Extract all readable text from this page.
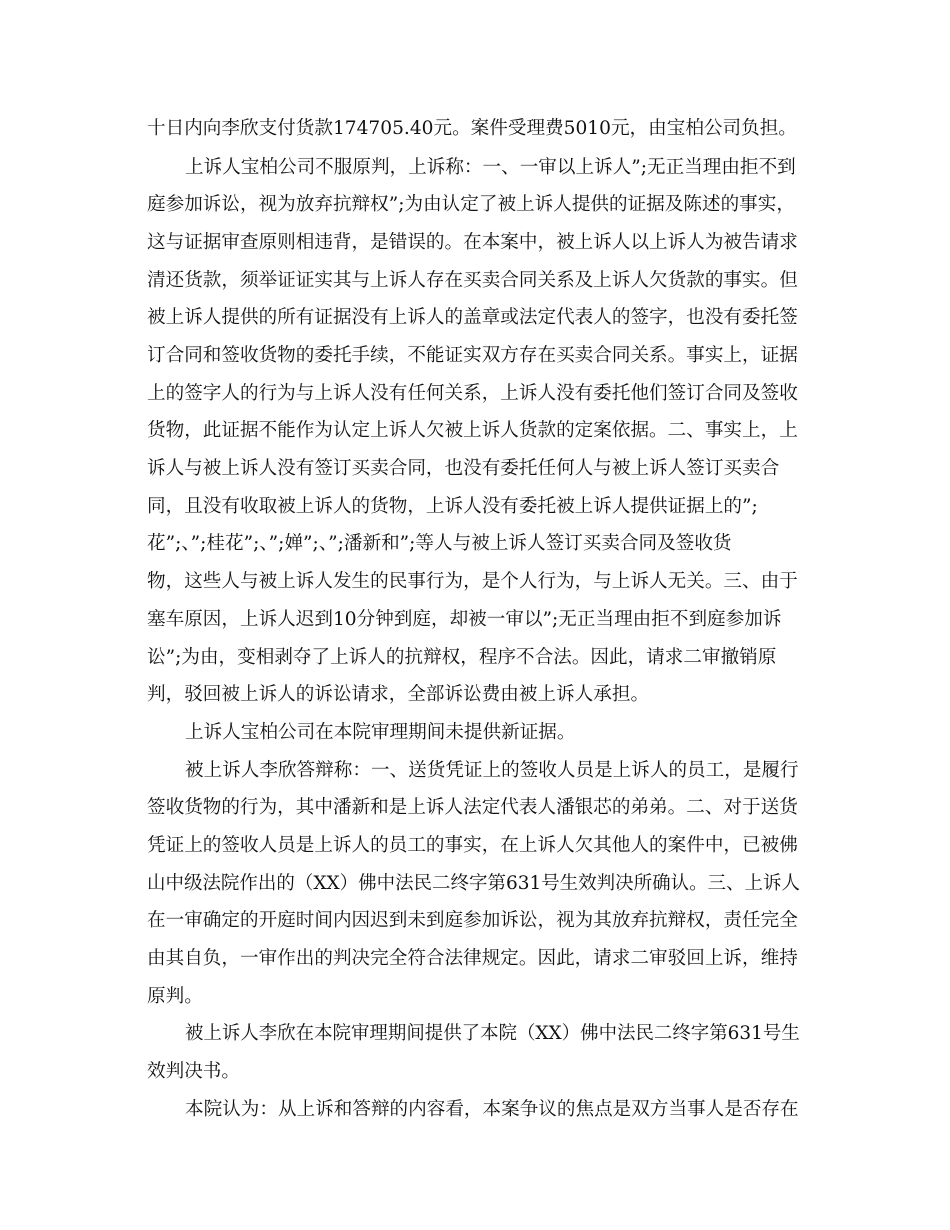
十日内向李欣支付货款174705.40元。案件受理费5010元，由宝柏公司负担。

上诉人宝柏公司不服原判，上诉称：一、一审以上诉人”;无正当理由拒不到

庭参加诉讼，视为放弃抗辩权”;为由认定了被上诉人提供的证据及陈述的事实，

这与证据审查原则相违背，是错误的。在本案中，被上诉人以上诉人为被告请求

清还货款，须举证证实其与上诉人存在买卖合同关系及上诉人欠货款的事实。但

被上诉人提供的所有证据没有上诉人的盖章或法定代表人的签字，也没有委托签

订合同和签收货物的委托手续，不能证实双方存在买卖合同关系。事实上，证据

上的签字人的行为与上诉人没有任何关系，上诉人没有委托他们签订合同及签收

货物，此证据不能作为认定上诉人欠被上诉人货款的定案依据。二、事实上，上

诉人与被上诉人没有签订买卖合同，也没有委托任何人与被上诉人签订买卖合

同，且没有收取被上诉人的货物，上诉人没有委托被上诉人提供证据上的”;

花”;、”;桂花”;、”;婵”;、”;潘新和”;等人与被上诉人签订买卖合同及签收货

物，这些人与被上诉人发生的民事行为，是个人行为，与上诉人无关。三、由于

塞车原因，上诉人迟到10分钟到庭，却被一审以”;无正当理由拒不到庭参加诉

讼”;为由，变相剥夺了上诉人的抗辩权，程序不合法。因此，请求二审撤销原

判，驳回被上诉人的诉讼请求，全部诉讼费由被上诉人承担。

上诉人宝柏公司在本院审理期间未提供新证据。

被上诉人李欣答辩称：一、送货凭证上的签收人员是上诉人的员工，是履行

签收货物的行为，其中潘新和是上诉人法定代表人潘银芯的弟弟。二、对于送货

凭证上的签收人员是上诉人的员工的事实，在上诉人欠其他人的案件中，已被佛

山中级法院作出的（XX）佛中法民二终字第631号生效判决所确认。三、上诉人

在一审确定的开庭时间内因迟到未到庭参加诉讼，视为其放弃抗辩权，责任完全

由其自负，一审作出的判决完全符合法律规定。因此，请求二审驳回上诉，维持

原判。

被上诉人李欣在本院审理期间提供了本院（XX）佛中法民二终字第631号生

效判决书。

本院认为：从上诉和答辩的内容看，本案争议的焦点是双方当事人是否存在
